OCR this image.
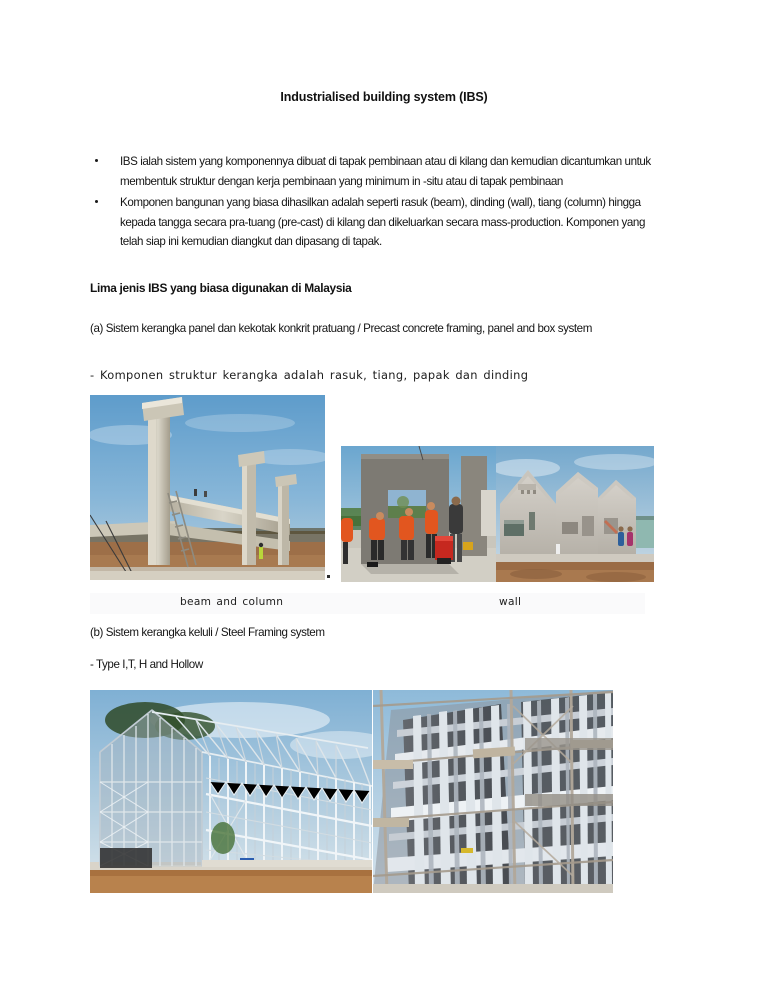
Industrialised building system (IBS)
IBS ialah sistem yang komponennya dibuat di tapak pembinaan atau di kilang dan kemudian dicantumkan untuk membentuk struktur dengan kerja pembinaan yang minimum in -situ atau di tapak pembinaan
Komponen bangunan yang biasa dihasilkan adalah seperti rasuk (beam), dinding (wall), tiang (column) hingga kepada tangga secara pra-tuang (pre-cast) di kilang dan dikeluarkan secara mass-production. Komponen yang telah siap ini kemudian diangkut dan dipasang di tapak.
Lima jenis IBS yang biasa digunakan di Malaysia
(a) Sistem kerangka panel dan kekotak konkrit pratuang / Precast concrete framing, panel and box system
- Komponen struktur kerangka adalah rasuk, tiang, papak dan dinding
beam and column	wall
(b) Sistem kerangka keluli / Steel Framing system
- Type I,T, H and Hollow
